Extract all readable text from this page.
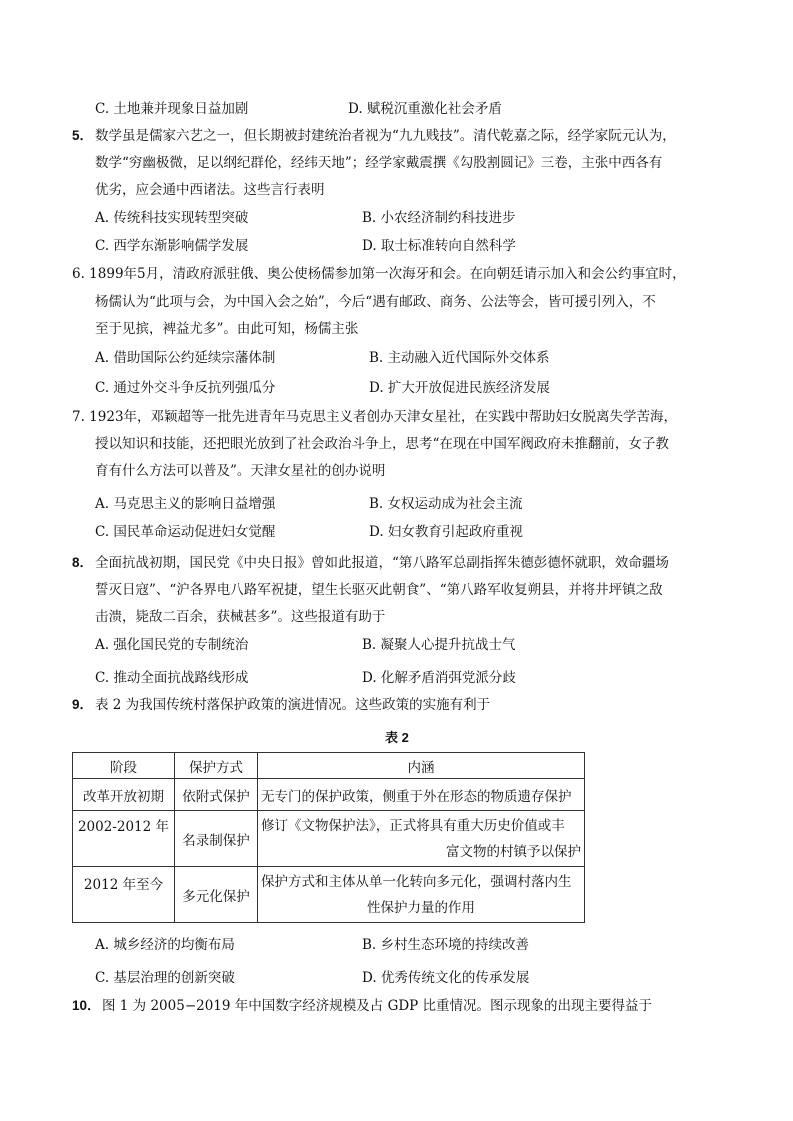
C. 土地兼并现象日益加剧	D. 赋税沉重激化社会矛盾
5． 数学虽是儒家六艺之一，但长期被封建统治者视为“九九贱技”。清代乾嘉之际，经学家阮元认为，
数学“穷幽极微，足以纲纪群伦，经纬天地”；经学家戴震撰《勾股割圆记》三卷，主张中西各有
优劣，应会通中西诸法。这些言行表明
A. 传统科技实现转型突破	B. 小农经济制约科技进步
C. 西学东渐影响儒学发展	D. 取士标准转向自然科学
6. 1899年5月，清政府派驻俄、奥公使杨儒参加第一次海牙和会。在向朝廷请示加入和会公约事宜时，
杨儒认为“此项与会，为中国入会之始”，今后“遇有邮政、商务、公法等会，皆可援引列入，不
至于见摈，裨益尤多”。由此可知，杨儒主张
A. 借助国际公约延续宗藩体制	B. 主动融入近代国际外交体系
C. 通过外交斗争反抗列强瓜分	D. 扩大开放促进民族经济发展
7. 1923年，邓颖超等一批先进青年马克思主义者创办天津女星社，在实践中帮助妇女脱离失学苦海，
授以知识和技能，还把眼光放到了社会政治斗争上，思考“在现在中国军阀政府未推翻前，女子教
育有什么方法可以普及”。天津女星社的创办说明
A. 马克思主义的影响日益增强	B. 女权运动成为社会主流
C. 国民革命运动促进妇女觉醒	D. 妇女教育引起政府重视
8． 全面抗战初期，国民党《中央日报》曾如此报道，“第八路军总副指挥朱德彭德怀就职，效命疆场
誓灭日寇”、“沪各界电八路军祝捷，望生长驱灭此朝食”、“第八路军收复朔县，并将井坪镇之敌
击溃，毙敌二百余，获械甚多”。这些报道有助于
A. 强化国民党的专制统治	B. 凝聚人心提升抗战士气
C. 推动全面抗战路线形成	D. 化解矛盾消弭党派分歧
9． 表 2 为我国传统村落保护政策的演进情况。这些政策的实施有利于
表 2
阶段	保护方式	内涵
改革开放初期	依附式保护	无专门的保护政策，侧重于外在形态的物质遗存保护

2002-2012 年	名录制保护	修订《文物保护法》，正式将具有重大历史价值或丰
富文物的村镇予以保护

2012 年至今	多元化保护	保护方式和主体从单一化转向多元化，强调村落内生
性保护力量的作用
A. 城乡经济的均衡布局	B. 乡村生态环境的持续改善
C. 基层治理的创新突破	D. 优秀传统文化的传承发展
10． 图 1 为 2005−2019 年中国数字经济规模及占 GDP 比重情况。图示现象的出现主要得益于
